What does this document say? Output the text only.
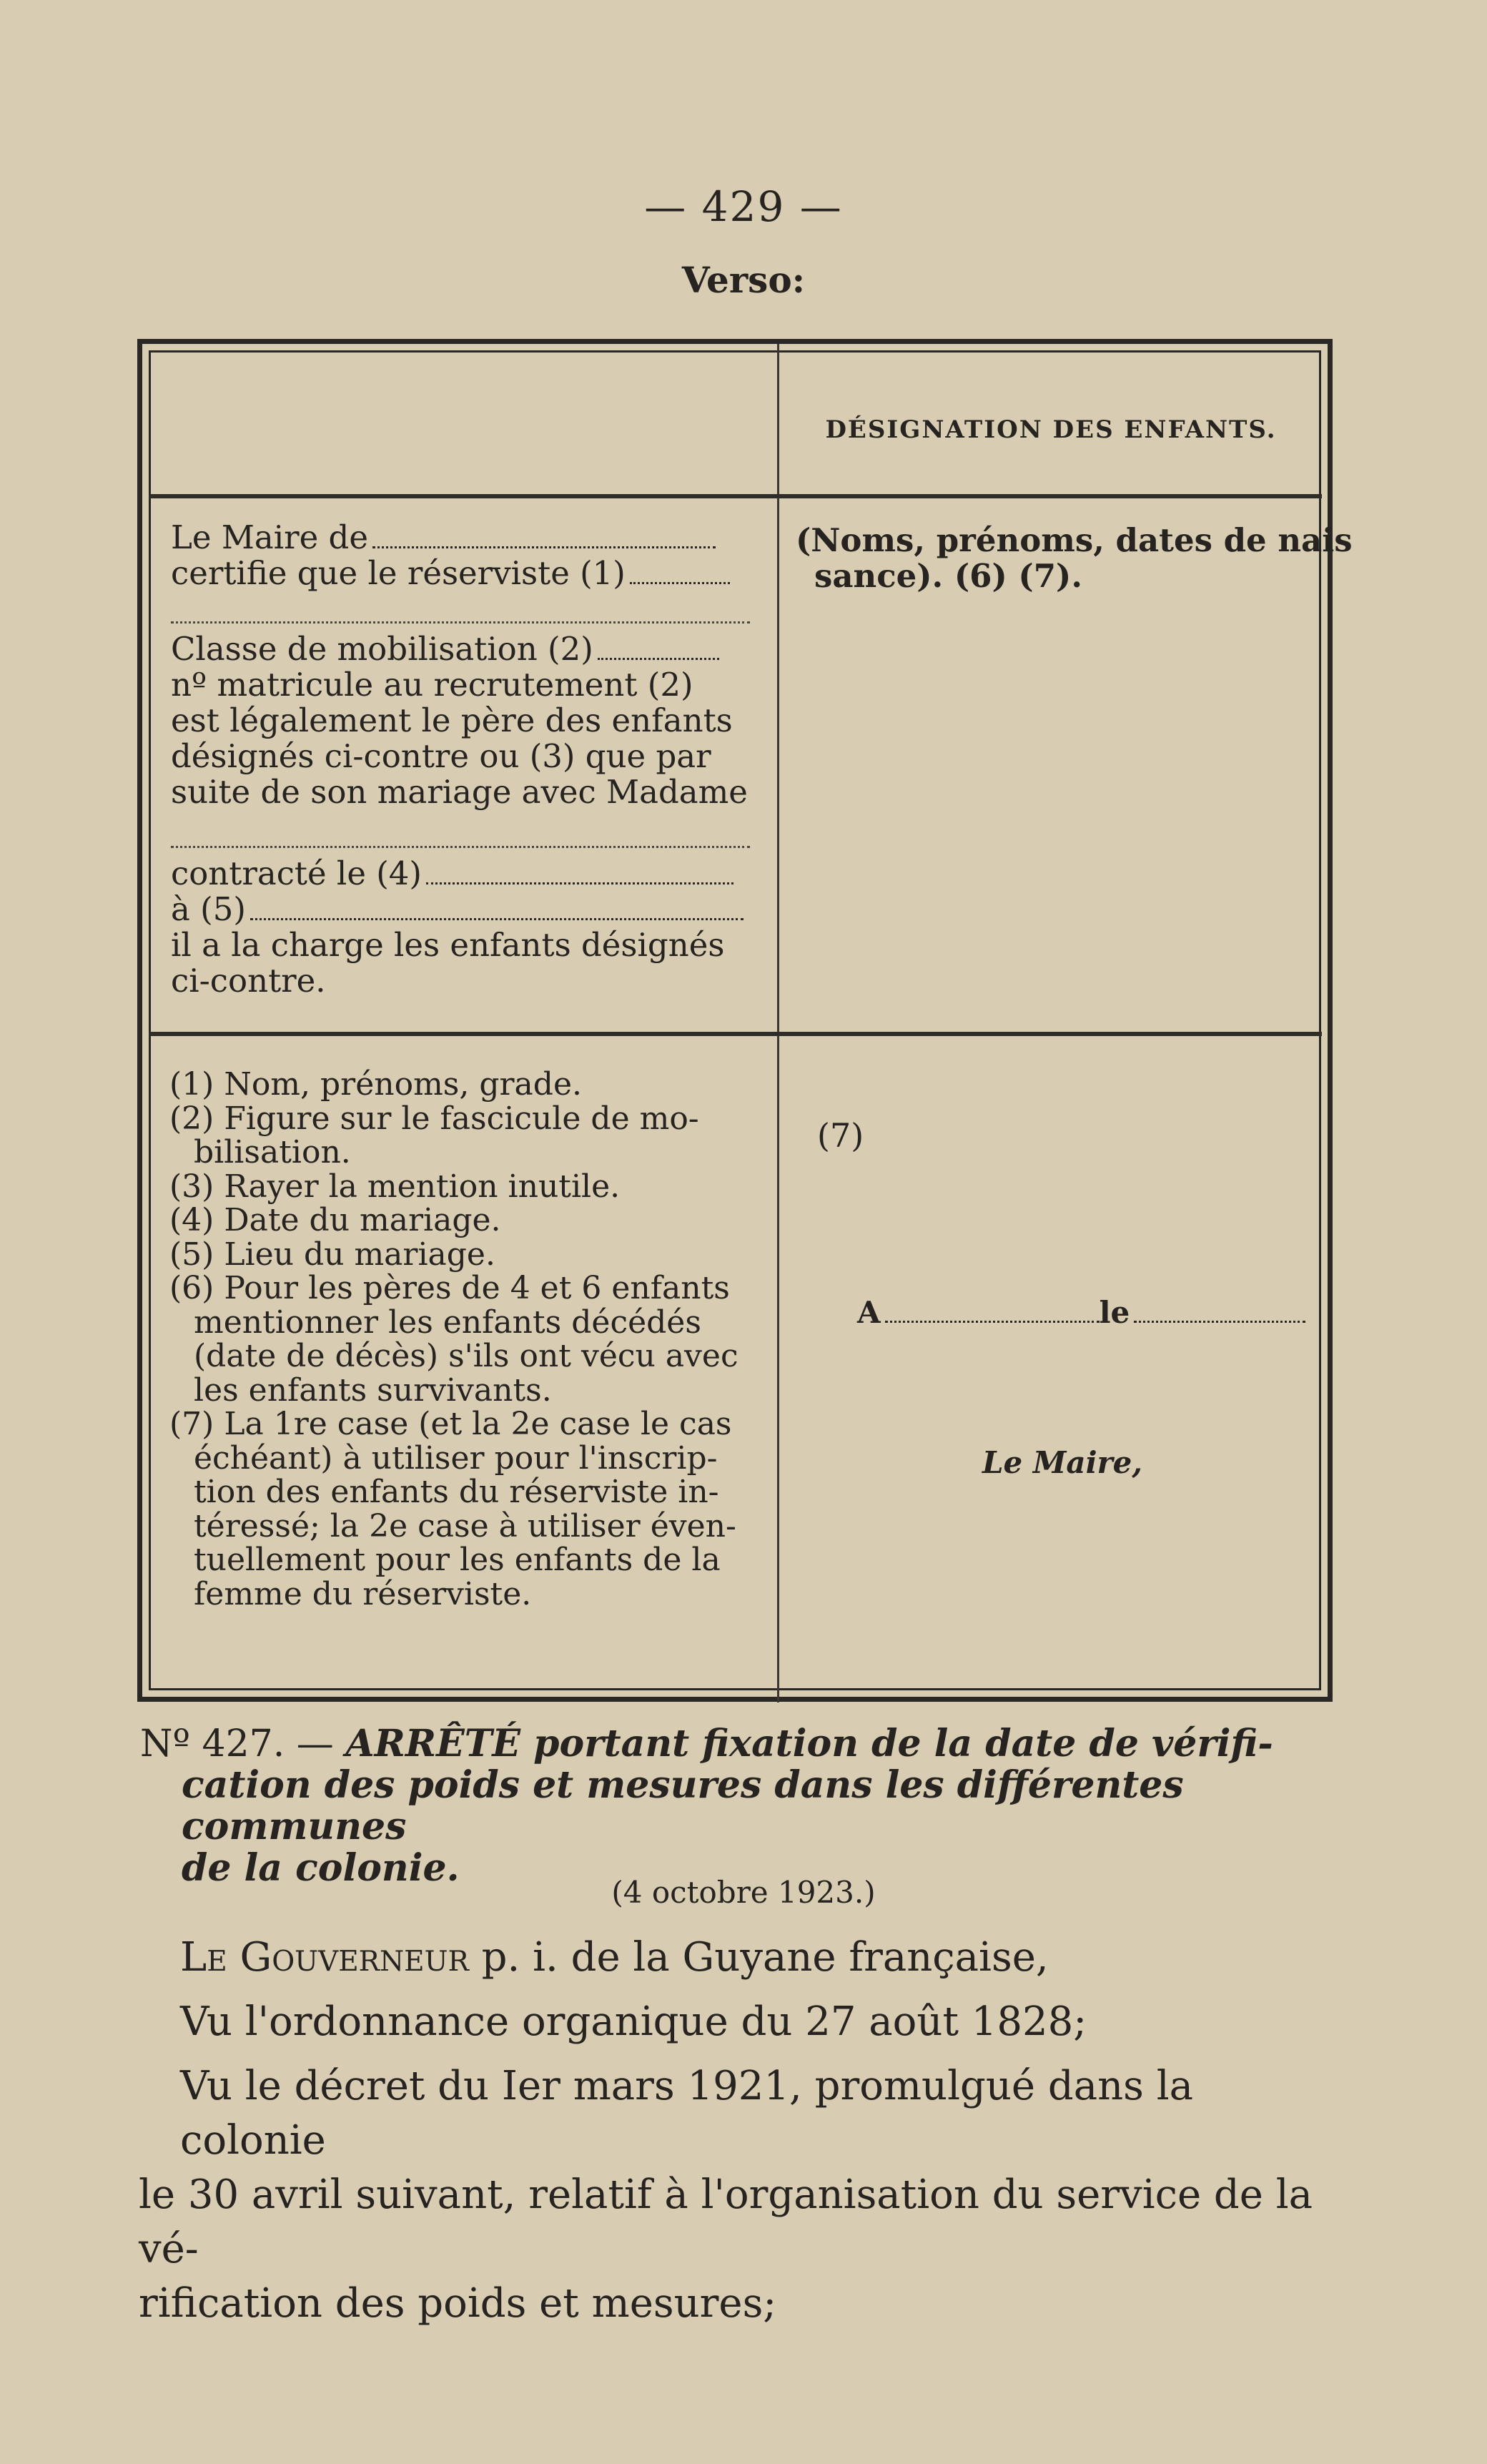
— 429 —
Verso:
DÉSIGNATION DES ENFANTS.
Le Maire de
certifie que le réserviste (1)
Classe de mobilisation (2)
nº matricule au recrutement (2)
est légalement le père des enfants
désignés ci-contre ou (3) que par
suite de son mariage avec Madame
contracté le (4)
à (5)
il a la charge les enfants désignés
ci-contre.
(Noms, prénoms, dates de nais
sance). (6) (7).
(1) Nom, prénoms, grade.
(2) Figure sur le fascicule de mo-
bilisation.
(3) Rayer la mention inutile.
(4) Date du mariage.
(5) Lieu du mariage.
(6) Pour les pères de 4 et 6 enfants
mentionner les enfants décédés
(date de décès) s'ils ont vécu avec
les enfants survivants.
(7) La 1re case (et la 2e case le cas
échéant) à utiliser pour l'inscrip-
tion des enfants du réserviste in-
téressé; la 2e case à utiliser éven-
tuellement pour les enfants de la
femme du réserviste.
(7)
A	le
Le Maire,
Nº 427. — ARRÊTÉ portant fixation de la date de vérifi-
cation des poids et mesures dans les différentes communes
de la colonie.
(4 octobre 1923.)
Le Gouverneur p. i. de la Guyane française,
Vu l'ordonnance organique du 27 août 1828;
Vu le décret du Ier mars 1921, promulgué dans la colonie
le 30 avril suivant, relatif à l'organisation du service de la vé-
rification des poids et mesures;
